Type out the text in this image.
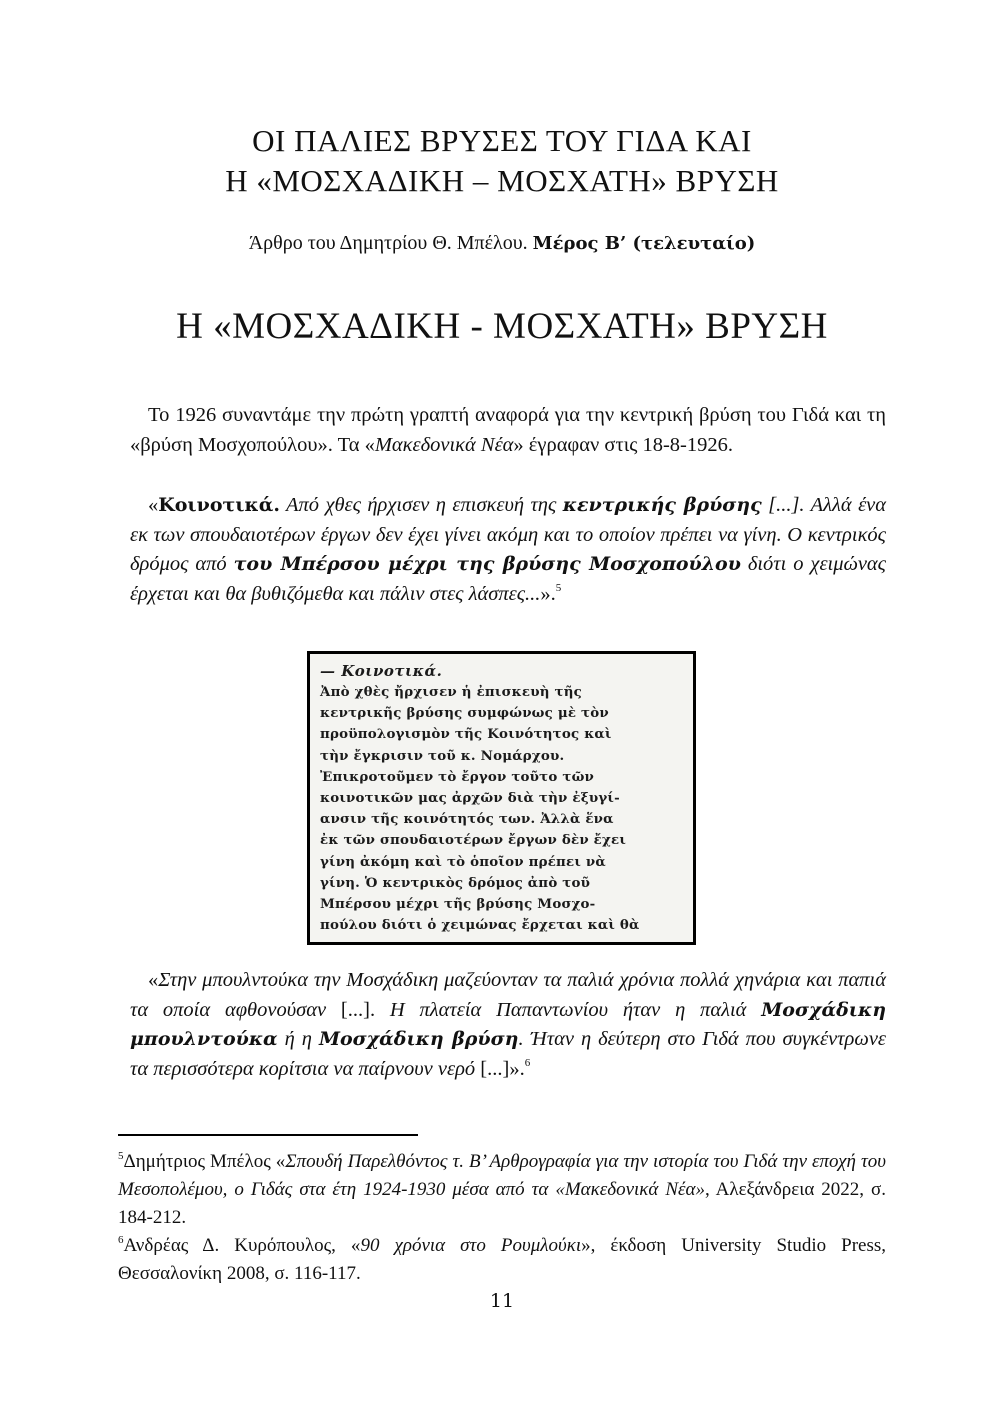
ΟΙ ΠΑΛΙΕΣ ΒΡΥΣΕΣ ΤΟΥ ΓΙΔΑ ΚΑΙ
Η «ΜΟΣΧΑΔΙΚΗ – ΜΟΣΧΑΤΗ» ΒΡΥΣΗ
Άρθρο του Δημητρίου Θ. Μπέλου. Μέρος Β’ (τελευταίο)
Η «ΜΟΣΧΑΔΙΚΗ - ΜΟΣΧΑΤΗ» ΒΡΥΣΗ

Το 1926 συναντάμε την πρώτη γραπτή αναφορά για την κεντρική βρύση του Γιδά και τη «βρύση Μοσχοπούλου». Τα «Μακεδονικά Νέα» έγραφαν στις 18-8-1926.

«Κοινοτικά. Από χθες ήρχισεν η επισκευή της κεντρικής βρύσης [...]. Αλλά ένα εκ των σπουδαιοτέρων έργων δεν έχει γίνει ακόμη και το οποίον πρέπει να γίνη. Ο κεντρικός δρόμος από του Μπέρσου μέχρι της βρύσης Μοσχοπούλου διότι ο χειμώνας έρχεται και θα βυθιζόμεθα και πάλιν στες λάσπες...».$^5$

— Κοινοτικά.
Ἀπὸ χθὲς ἤρχισεν ἡ ἐπισκευὴ τῆς
κεντρικῆς βρύσης συμφώνως μὲ τὸν
προϋπολογισμὸν τῆς Κοινότητος καὶ
τὴν ἔγκρισιν τοῦ κ. Νομάρχου.
Ἐπικροτοῦμεν τὸ ἔργον τοῦτο τῶν
κοινοτικῶν μας ἀρχῶν διὰ τὴν ἐξυγί-
ανσιν τῆς κοινότητός των. Ἀλλὰ ἕνα
ἐκ τῶν σπουδαιοτέρων ἔργων δὲν ἔχει
γίνη ἀκόμη καὶ τὸ ὁποῖον πρέπει νὰ
γίνη. Ὁ κεντρικὸς δρόμος ἀπὸ τοῦ
Μπέρσου μέχρι τῆς βρύσης Μοσχο-
πούλου διότι ὁ χειμώνας ἔρχεται καὶ θὰ

«Στην μπουλντούκα την Μοσχάδικη μαζεύονταν τα παλιά χρόνια πολλά χηνάρια και παπιά τα οποία αφθονούσαν [...]. Η πλατεία Παπαντωνίου ήταν η παλιά Μοσχάδικη μπουλντούκα ή η Μοσχάδικη βρύση. Ήταν η δεύτερη στο Γιδά που συγκέντρωνε τα περισσότερα κορίτσια να παίρνουν νερό [...]».$^6$

$^5$Δημήτριος Μπέλος «Σπουδή Παρελθόντος τ. Β’ Αρθρογραφία για την ιστορία του Γιδά την εποχή του Μεσοπολέμου, ο Γιδάς στα έτη 1924-1930 μέσα από τα «Μακεδονικά Νέα», Αλεξάνδρεια 2022, σ. 184-212.
$^6$Ανδρέας Δ. Κυρόπουλος, «90 χρόνια στο Ρουμλούκι», έκδοση University Studio Press, Θεσσαλονίκη 2008, σ. 116-117.
11
